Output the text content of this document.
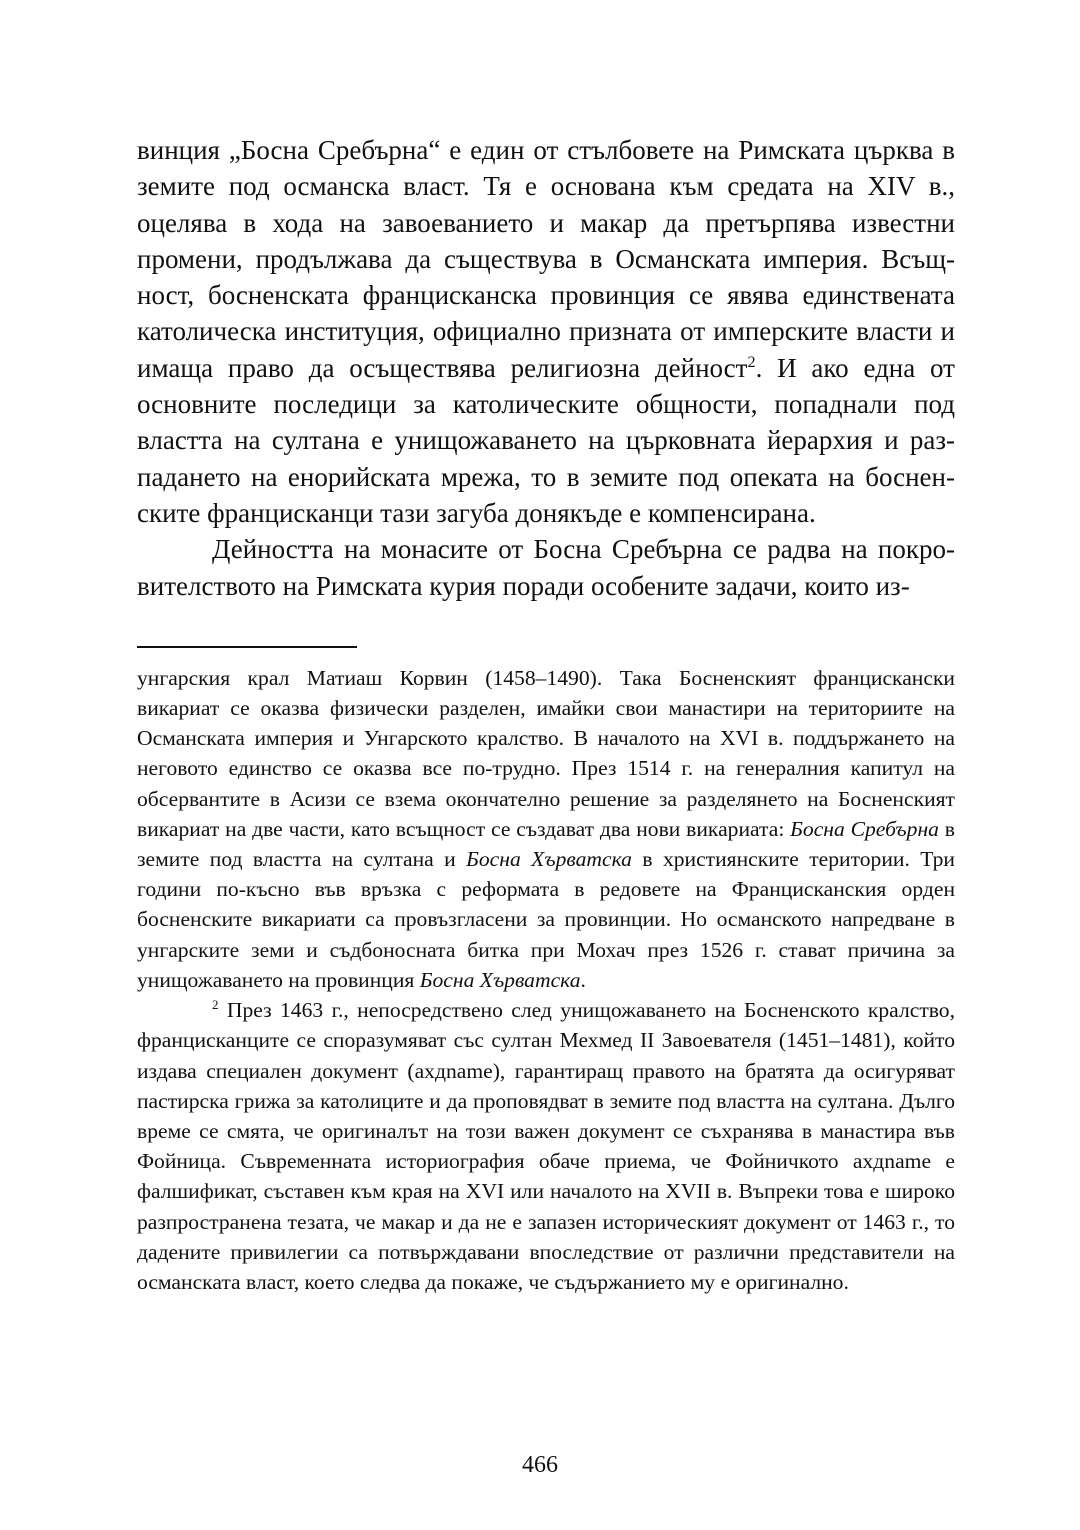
винция „Босна Сребърна“ е един от стълбовете на Римската църква в земите под османска власт. Тя е основана към средата на XIV в., оцелява в хода на завоеванието и макар да претърпява известни промени, продължава да съществува в Османската империя. Всъщност, босненската францисканска провинция се явява единствената католическа институция, официално призната от имперските власти и имаща право да осъществява религиозна дейност$^2$. И ако една от основните последици за католическите общности, попаднали под властта на султана е унищожаването на църковната йерархия и разпадането на енорийската мрежа, то в земите под опеката на босненските францисканци тази загуба донякъде е компенсирана.

Дейността на монасите от Босна Сребърна се радва на покровителството на Римската курия поради особените задачи, които из-

унгарския крал Матиаш Корвин (1458–1490). Така Босненският францискански викариат се оказва физически разделен, имайки свои манастири на териториите на Османската империя и Унгарското кралство. В началото на XVI в. поддържането на неговото единство се оказва все по-трудно. През 1514 г. на генералния капитул на обсервантите в Асизи се взема окончателно решение за разделянето на Босненският викариат на две части, като всъщност се създават два нови викариата: Босна Сребърна в земите под властта на султана и Босна Хърватска в християнските територии. Три години по-късно във връзка с реформата в редовете на Францисканския орден босненските викариати са провъзгласени за провинции. Но османското напредване в унгарските земи и съдбоносната битка при Мохач през 1526 г. стават причина за унищожаването на провинция Босна Хърватска.

$^2$ През 1463 г., непосредствено след унищожаването на Босненското кралство, францисканците се споразумяват със султан Мехмед II Завоевателя (1451–1481), който издава специален документ (ахдname), гарантиращ правото на братята да осигуряват пастирска грижа за католиците и да проповядват в земите под властта на султана. Дълго време се смята, че оригиналът на този важен документ се съхранява в манастира във Фойница. Съвременната историография обаче приема, че Фойничкото ахдname е фалшификат, съставен към края на XVI или началото на XVII в. Въпреки това е широко разпространена тезата, че макар и да не е запазен историческият документ от 1463 г., то дадените привилегии са потвърждавани впоследствие от различни представители на османската власт, което следва да покаже, че съдържанието му е оригинално.

466
